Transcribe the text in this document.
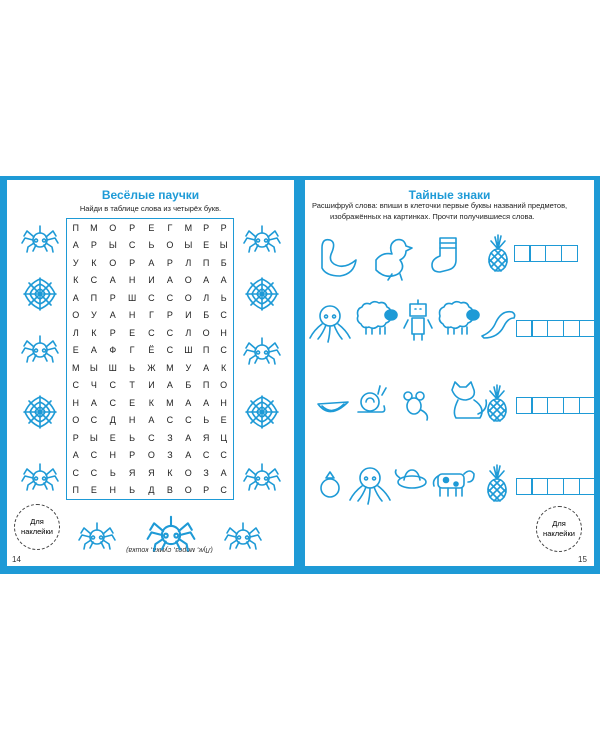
Весёлые паучки
Найди в таблице слова из четырёх букв.
П	М	О	Р	Е	Г	М	Р	Р
А	Р	Ы	С	Ь	О	Ы	Е	Ы
У	К	О	Р	А	Р	Л	П	Б
К	С	А	Н	И	А	О	А	А
А	П	Р	Ш	С	С	О	Л	Ь
О	У	А	Н	Г	Р	И	Б	С
Л	К	Р	Е	С	С	Л	О	Н
Е	А	Ф	Г	Ё	С	Ш	П	С
М	Ы	Ш	Ь	Ж	М	У	А	К
С	Ч	С	Т	И	А	Б	П	О
Н	А	С	Е	К	М	А	А	Н
О	С	Д	Н	А	С	С	Ь	Е
Р	Ы	Е	Ь	С	З	А	Я	Ц
А	С	Н	Р	О	З	А	С	С
С	С	Ь	Я	Я	К	О	З	А
П	Е	Н	Ь	Д	В	О	Р	С
Тайные знаки
Расшифруй слова: впиши в клеточки первые буквы названий предметов,
изображённых на картинках. Прочти получившиеся слова.
(Лук, мороз, сумка, кошка)
Для
наклейки
Для
наклейки
14	15
